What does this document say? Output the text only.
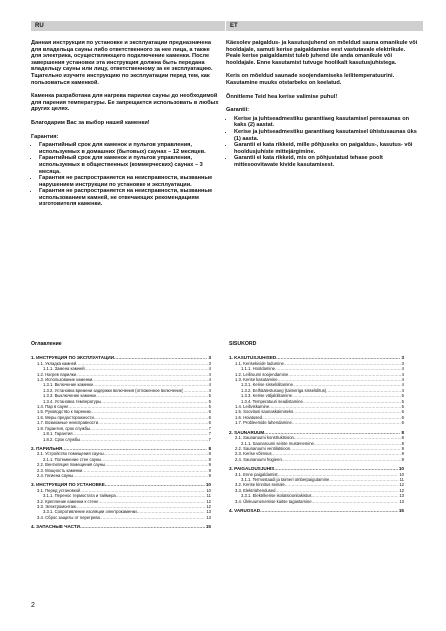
RU

Данная инструкция по установке и эксплуатации предназначена для владельца сауны либо ответственного за нее лица, а также для электрика, осуществляющего подключение каменки. После завершения установки эта инструкция должна быть передана владельцу сауны или лицу, ответственному за ее эксплуатацию. Тщательно изучите инструкцию по эксплуатации перед тем, как пользоваться каменкой.

Каменка разработана для нагрева парилки сауны до необходимой для парения температуры. Ее запрещается использовать в любых других целях.

Благодарим Вас за выбор нашей каменки!

Гарантия:

• Гарантийный срок для каменок и пультов управления, используемых в домашних (бытовых) саунах – 12 месяцев.
• Гарантийный срок для каменок и пультов управления, используемых в общественных (коммерческих) саунах – 3 месяца.
• Гарантия не распространяется на неисправности, вызванные нарушением инструкции по установке и эксплуатации.
• Гарантия не распространяется на неисправности, вызванные использованием камней, не отвечающих рекомендациям изготовителя каменки.
ET

Käesolev paigaldus- ja kasutusjuhend on mõeldud sauna omanikule või hooldajale, samuti kerise paigaldamise eest vastutavale elektrikule. Peale kerise paigaldamist tuleb juhend üle anda omanikule või hooldajale. Enne kasutamist tutvuge hoolikalt kasutusjuhistega.

Keris on mõeldud saunade soojendamiseks leilitemperatuurini. Kasutamine muuks otstarbeks on keelatud.

Õnnitleme Teid hea kerise valimise puhul!

Garantii:

• Kerise ja juhtseadmestiku garantiiaeg kasutamisel peresaunas on kaks (2) aastat.
• Kerise ja juhtseadmestiku garantiiaeg kasutamisel ühistusaunas üks (1) aasta.
• Garantii ei kata rikkeid, mille põhjuseks on paigaldus-, kasutus- või hooldusjuhiste mittejärgimine.
• Garantii ei kata rikkeid, mis on põhjustatud tehase poolt mittesoovitavate kivide kasutamisest.
Оглавление
1. ИНСТРУКЦИЯ ПО ЭКСПЛУАТАЦИИ .....	3
1.1. Укладка камней .....	3
1.1.1. Замена камней .....	4
1.2. Нагрев парилки .....	4
1.3. Использование каменки .....	4
1.3.1. Включение каменки .....	4
1.3.2. Установка времени задержки включения (отложенное включение) .....	4
1.3.3. Выключение каменки .....	5
1.3.4. Установка температуры .....	5
1.4. Пар в сауне .....	5
1.5. Руководство к парению .....	6
1.6. Меры предосторожности .....	6
1.7. Возможные неисправности .....	6
1.8. Гарантия, срок службы .....	7
1.8.1. Гарантия .....	7
1.8.2. Срок службы .....	7
2. ПАРИЛЬНЯ .....	8
2.1. Устройство помещения сауны .....	8
2.1.1. Потемнение стен сауны .....	8
2.2. Вентиляция помещения сауны .....	9
2.3. Мощность каменки .....	9
2.4. Гигиена сауны .....	9
3. ИНСТРУКЦИЯ ПО УСТАНОВКЕ .....	10
3.1. Перед установкой .....	10
3.1.1. Перенос термостата и таймера .....	11
3.2. Крепление каменки к стене .....	12
3.3. Электромонтаж .....	12
3.3.1. Сопротивление изоляции электрокаменки .....	13
3.4. Сброс защиты от перегрева .....	13
4. ЗАПАСНЫЕ ЧАСТИ .....	15
SISUKORD
1. KASUTUSJUHISED .....	3
1.1. Kerisekivide ladumine .....	3
1.1.1. Hooldamine .....	4
1.2. Leiliruumi soojendamine .....	4
1.3. Kerise kasutamine .....	4
1.3.1. Kerise sisselülitamine .....	4
1.3.2. Eelhäälestusaeg (taimeriga sisselülitus) .....	4
1.3.3. Kerise väljalülitamine .....	5
1.3.4. Temperatuuri seadistamine .....	5
1.4. Leiliviskamine .....	5
1.5. Soovitusi saunaskäimiseks .....	6
1.6. Hoiatused .....	6
1.7. Probleemide lahendamine .....	6
2. SAUNARUUM .....	8
2.1. Saunaruumi konstruktsioon .....	8
2.1.1. Saunaruumi seinte mustenemine .....	8
2.2. Saunaruumi ventilatsioon .....	9
2.3. Kerise võimsus .....	9
2.4. Saunaruumi hügieen .....	9
3. PAIGALDUSJUHIS .....	10
3.1. Enne paigaldamist .....	10
3.1.1. Termostaadi ja taimeri ümberpaigutamine .....	11
3.2. Kerise kinnitus seinale .....	12
3.3. Elektriühendused .....	12
3.3.1. Elektrikerise isolatsioonitakistus .....	13
3.4. Ülekuumenemise kaitse tagastamine .....	13
4. VARUOSAD .....	15
2
